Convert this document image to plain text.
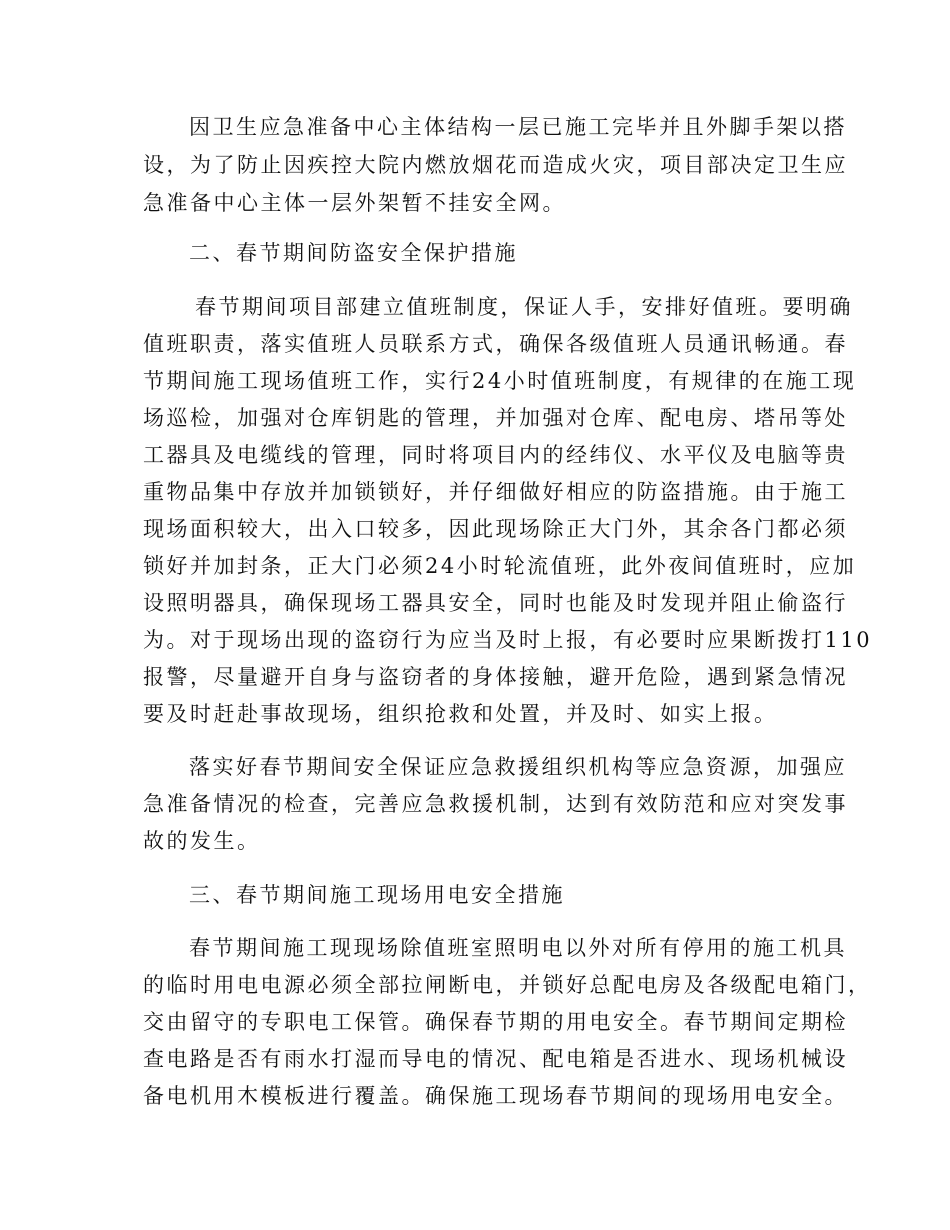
因卫生应急准备中心主体结构一层已施工完毕并且外脚手架以搭
设，为了防止因疾控大院内燃放烟花而造成火灾，项目部决定卫生应
急准备中心主体一层外架暂不挂安全网。
二、春节期间防盗安全保护措施
春节期间项目部建立值班制度，保证人手，安排好值班。要明确
值班职责，落实值班人员联系方式，确保各级值班人员通讯畅通。春
节期间施工现场值班工作，实行24小时值班制度，有规律的在施工现
场巡检，加强对仓库钥匙的管理，并加强对仓库、配电房、塔吊等处
工器具及电缆线的管理，同时将项目内的经纬仪、水平仪及电脑等贵
重物品集中存放并加锁锁好，并仔细做好相应的防盗措施。由于施工
现场面积较大，出入口较多，因此现场除正大门外，其余各门都必须
锁好并加封条，正大门必须24小时轮流值班，此外夜间值班时，应加
设照明器具，确保现场工器具安全，同时也能及时发现并阻止偷盗行
为。对于现场出现的盗窃行为应当及时上报，有必要时应果断拨打110
报警，尽量避开自身与盗窃者的身体接触，避开危险，遇到紧急情况
要及时赶赴事故现场，组织抢救和处置，并及时、如实上报。
落实好春节期间安全保证应急救援组织机构等应急资源，加强应
急准备情况的检查，完善应急救援机制，达到有效防范和应对突发事
故的发生。
三、春节期间施工现场用电安全措施
春节期间施工现现场除值班室照明电以外对所有停用的施工机具
的临时用电电源必须全部拉闸断电，并锁好总配电房及各级配电箱门，
交由留守的专职电工保管。确保春节期的用电安全。春节期间定期检
查电路是否有雨水打湿而导电的情况、配电箱是否进水、现场机械设
备电机用木模板进行覆盖。确保施工现场春节期间的现场用电安全。
